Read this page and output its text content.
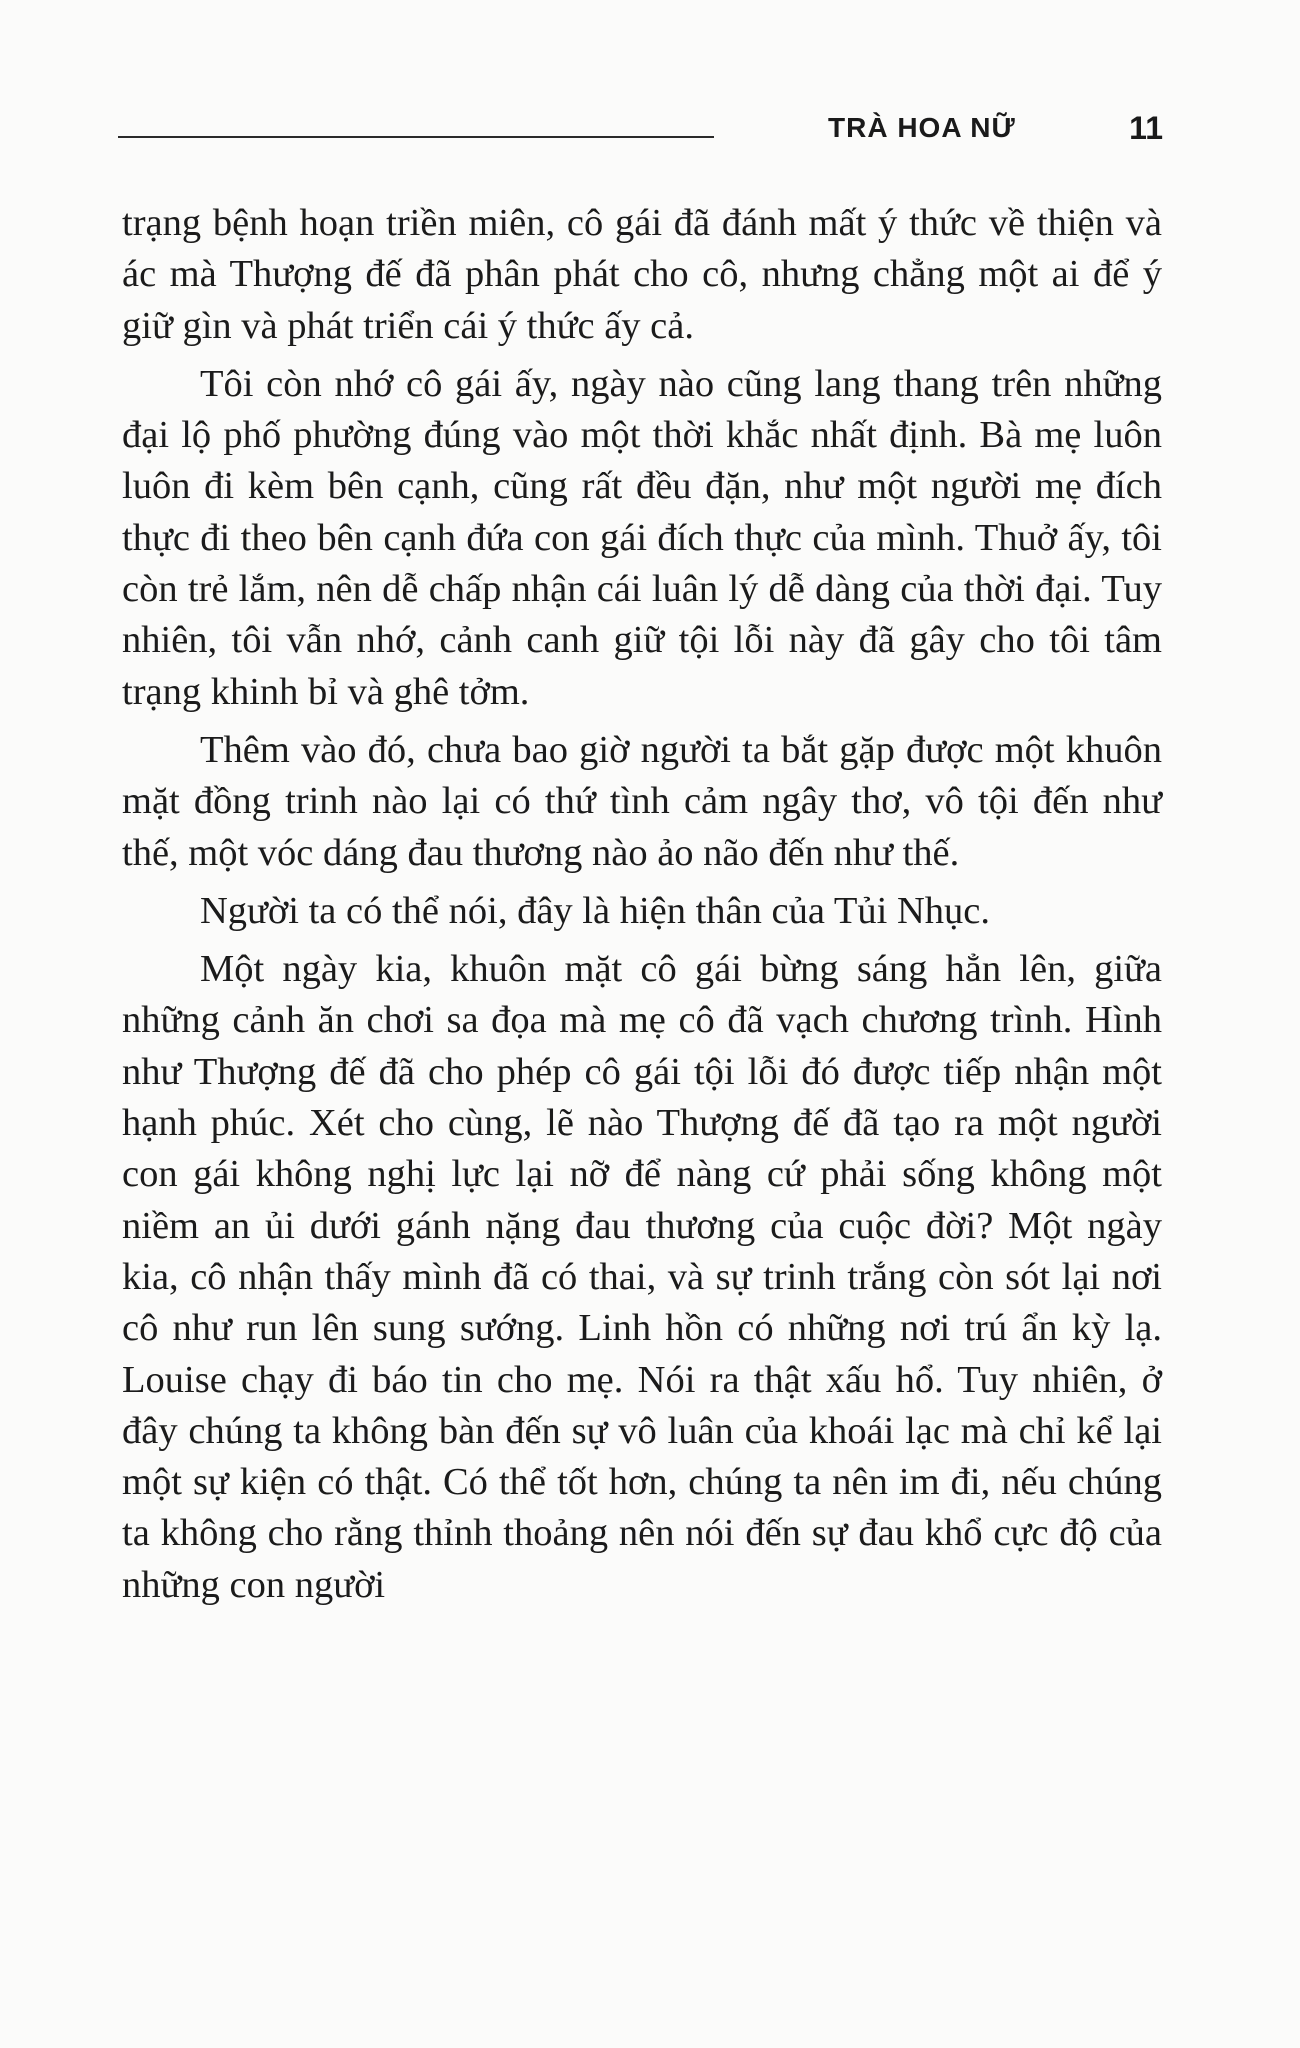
TRÀ HOA NỮ	11

trạng bệnh hoạn triền miên, cô gái đã đánh mất ý thức về thiện và ác mà Thượng đế đã phân phát cho cô, nhưng chẳng một ai để ý giữ gìn và phát triển cái ý thức ấy cả.

Tôi còn nhớ cô gái ấy, ngày nào cũng lang thang trên những đại lộ phố phường đúng vào một thời khắc nhất định. Bà mẹ luôn luôn đi kèm bên cạnh, cũng rất đều đặn, như một người mẹ đích thực đi theo bên cạnh đứa con gái đích thực của mình. Thuở ấy, tôi còn trẻ lắm, nên dễ chấp nhận cái luân lý dễ dàng của thời đại. Tuy nhiên, tôi vẫn nhớ, cảnh canh giữ tội lỗi này đã gây cho tôi tâm trạng khinh bỉ và ghê tởm.

Thêm vào đó, chưa bao giờ người ta bắt gặp được một khuôn mặt đồng trinh nào lại có thứ tình cảm ngây thơ, vô tội đến như thế, một vóc dáng đau thương nào ảo não đến như thế.

Người ta có thể nói, đây là hiện thân của Tủi Nhục.

Một ngày kia, khuôn mặt cô gái bừng sáng hẳn lên, giữa những cảnh ăn chơi sa đọa mà mẹ cô đã vạch chương trình. Hình như Thượng đế đã cho phép cô gái tội lỗi đó được tiếp nhận một hạnh phúc. Xét cho cùng, lẽ nào Thượng đế đã tạo ra một người con gái không nghị lực lại nỡ để nàng cứ phải sống không một niềm an ủi dưới gánh nặng đau thương của cuộc đời? Một ngày kia, cô nhận thấy mình đã có thai, và sự trinh trắng còn sót lại nơi cô như run lên sung sướng. Linh hồn có những nơi trú ẩn kỳ lạ. Louise chạy đi báo tin cho mẹ. Nói ra thật xấu hổ. Tuy nhiên, ở đây chúng ta không bàn đến sự vô luân của khoái lạc mà chỉ kể lại một sự kiện có thật. Có thể tốt hơn, chúng ta nên im đi, nếu chúng ta không cho rằng thỉnh thoảng nên nói đến sự đau khổ cực độ của những con người
